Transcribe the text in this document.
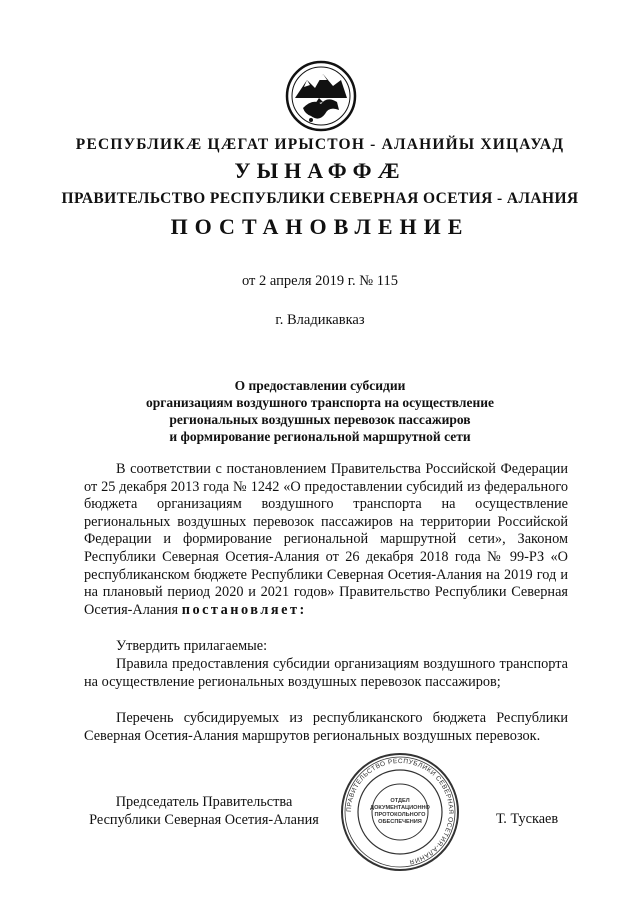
РЕСПУБЛИКӔ ЦӔГАТ ИРЫСТОН - АЛАНИЙЫ ХИЦАУАД
УЫНАФФӔ
ПРАВИТЕЛЬСТВО РЕСПУБЛИКИ СЕВЕРНАЯ ОСЕТИЯ - АЛАНИЯ
ПОСТАНОВЛЕНИЕ
от 2 апреля 2019 г. № 115
г. Владикавказ
О предоставлении субсидии
организациям воздушного транспорта на осуществление
региональных воздушных перевозок пассажиров
и формирование региональной маршрутной сети
В соответствии с постановлением Правительства Российской Федерации от 25 декабря 2013 года № 1242 «О предоставлении субсидий из федерального бюджета организациям воздушного транспорта на осуществление региональных воздушных перевозок пассажиров на территории Российской Федерации и формирование региональной маршрутной сети», Законом Республики Северная Осетия-Алания от 26 декабря 2018 года № 99-РЗ «О республиканском бюджете Республики Северная Осетия-Алания на 2019 год и на плановый период 2020 и 2021 годов» Правительство Республики Северная Осетия-Алания постановляет:
Утвердить прилагаемые:
Правила предоставления субсидии организациям воздушного транспорта на осуществление региональных воздушных перевозок пассажиров;
Перечень субсидируемых из республиканского бюджета Республики Северная Осетия-Алания маршрутов региональных воздушных перевозок.
Председатель Правительства
Республики Северная Осетия-Алания
ПРАВИТЕЛЬСТВО РЕСПУБЛИКИ СЕВЕРНАЯ ОСЕТИЯ-АЛАНИЯ
ОТДЕЛ
ДОКУМЕНТАЦИОННО
ПРОТОКОЛЬНОГО
ОБЕСПЕЧЕНИЯ	Т. Тускаев
